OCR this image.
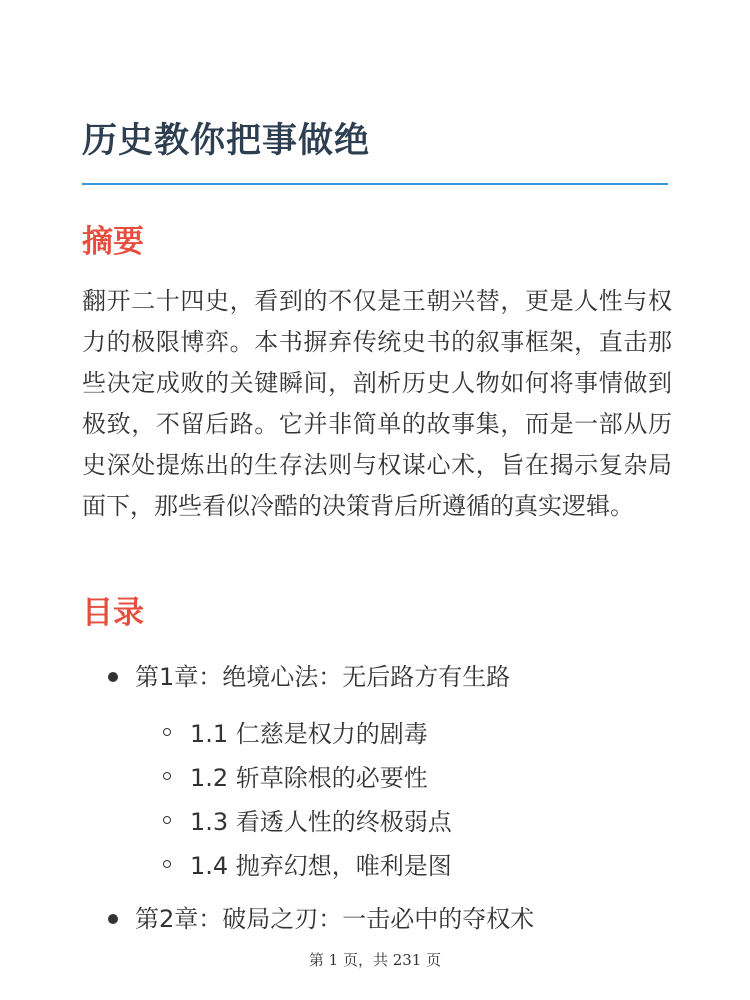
历史教你把事做绝
摘要

翻开二十四史，看到的不仅是王朝兴替，更是人性与权力的极限博弈。本书摒弃传统史书的叙事框架，直击那些决定成败的关键瞬间，剖析历史人物如何将事情做到极致，不留后路。它并非简单的故事集，而是一部从历史深处提炼出的生存法则与权谋心术，旨在揭示复杂局面下，那些看似冷酷的决策背后所遵循的真实逻辑。

目录
第1章：绝境心法：无后路方有生路
1.1 仁慈是权力的剧毒
1.2 斩草除根的必要性
1.3 看透人性的终极弱点
1.4 抛弃幻想，唯利是图
第2章：破局之刃：一击必中的夺权术
第 1 页，共 231 页
